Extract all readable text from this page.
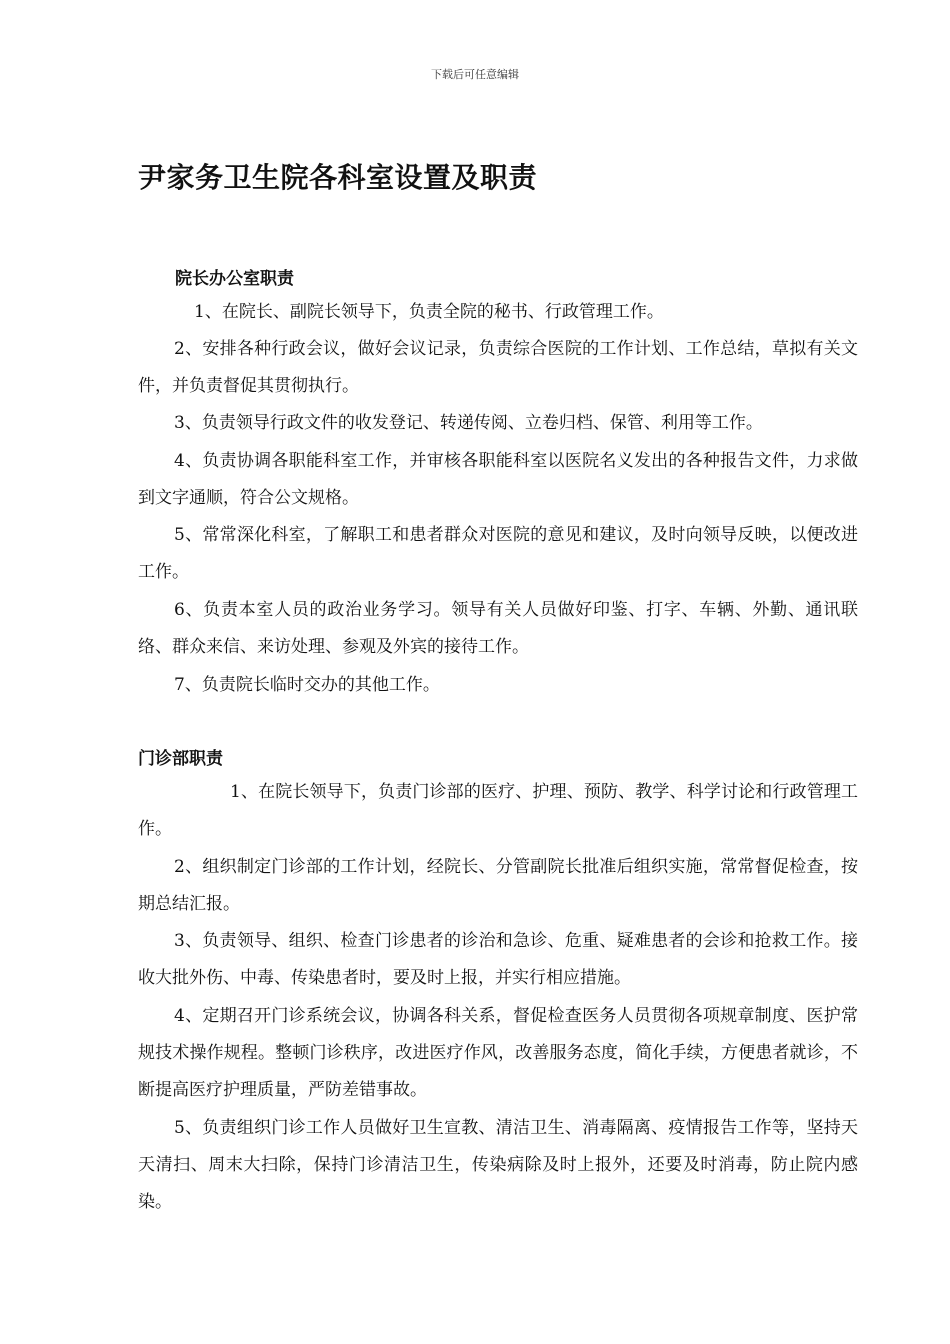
下载后可任意编辑
尹家务卫生院各科室设置及职责
院长办公室职责

1、在院长、副院长领导下，负责全院的秘书、行政管理工作。

2、安排各种行政会议，做好会议记录，负责综合医院的工作计划、工作总结，草拟有关文件，并负责督促其贯彻执行。

3、负责领导行政文件的收发登记、转递传阅、立卷归档、保管、利用等工作。

4、负责协调各职能科室工作，并审核各职能科室以医院名义发出的各种报告文件，力求做到文字通顺，符合公文规格。

5、常常深化科室，了解职工和患者群众对医院的意见和建议，及时向领导反映，以便改进工作。

6、负责本室人员的政治业务学习。领导有关人员做好印鉴、打字、车辆、外勤、通讯联络、群众来信、来访处理、参观及外宾的接待工作。

7、负责院长临时交办的其他工作。

门诊部职责

1、在院长领导下，负责门诊部的医疗、护理、预防、教学、科学讨论和行政管理工作。

2、组织制定门诊部的工作计划，经院长、分管副院长批准后组织实施，常常督促检查，按期总结汇报。

3、负责领导、组织、检查门诊患者的诊治和急诊、危重、疑难患者的会诊和抢救工作。接收大批外伤、中毒、传染患者时，要及时上报，并实行相应措施。

4、定期召开门诊系统会议，协调各科关系，督促检查医务人员贯彻各项规章制度、医护常规技术操作规程。整顿门诊秩序，改进医疗作风，改善服务态度，简化手续，方便患者就诊，不断提高医疗护理质量，严防差错事故。

5、负责组织门诊工作人员做好卫生宣教、清洁卫生、消毒隔离、疫情报告工作等，坚持天天清扫、周末大扫除，保持门诊清洁卫生，传染病除及时上报外，还要及时消毒，防止院内感染。
